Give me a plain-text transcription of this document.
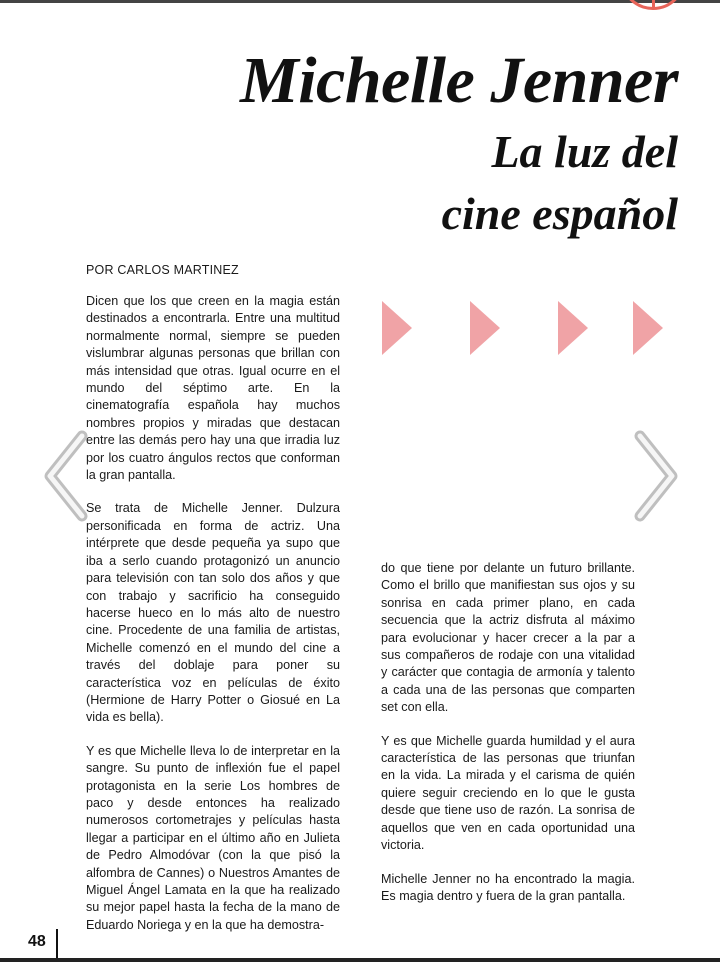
Michelle Jenner
La luz del
cine español
POR CARLOS MARTINEZ

Dicen que los que creen en la magia están destinados a encontrarla. Entre una multitud normalmente normal, siempre se pueden vislumbrar algunas personas que brillan con más intensidad que otras. Igual ocurre en el mundo del séptimo arte. En la cinematografía española hay muchos nombres propios y miradas que destacan entre las demás pero hay una que irradia luz por los cuatro ángulos rectos que conforman la gran pantalla.

Se trata de Michelle Jenner. Dulzura personificada en forma de actriz. Una intérprete que desde pequeña ya supo que iba a serlo cuando protagonizó un anuncio para televisión con tan solo dos años y que con trabajo y sacrificio ha conseguido hacerse hueco en lo más alto de nuestro cine. Procedente de una familia de artistas, Michelle comenzó en el mundo del cine a través del doblaje para poner su característica voz en películas de éxito (Hermione de Harry Potter o Giosué en La vida es bella).

Y es que Michelle lleva lo de interpretar en la sangre. Su punto de inflexión fue el papel protagonista en la serie Los hombres de paco y desde entonces ha realizado numerosos cortometrajes y películas hasta llegar a participar en el último año en Julieta de Pedro Almodóvar (con la que pisó la alfombra de Cannes) o Nuestros Amantes de Miguel Ángel Lamata en la que ha realizado su mejor papel hasta la fecha de la mano de Eduardo Noriega y en la que ha demostra-

do que tiene por delante un futuro brillante. Como el brillo que manifiestan sus ojos y su sonrisa en cada primer plano, en cada secuencia que la actriz disfruta al máximo para evolucionar y hacer crecer a la par a sus compañeros de rodaje con una vitalidad y carácter que contagia de armonía y talento a cada una de las personas que comparten set con ella.

Y es que Michelle guarda humildad y el aura característica de las personas que triunfan en la vida. La mirada y el carisma de quién quiere seguir creciendo en lo que le gusta desde que tiene uso de razón. La sonrisa de aquellos que ven en cada oportunidad una victoria.

Michelle Jenner no ha encontrado la magia. Es magia dentro y fuera de la gran pantalla.

48
